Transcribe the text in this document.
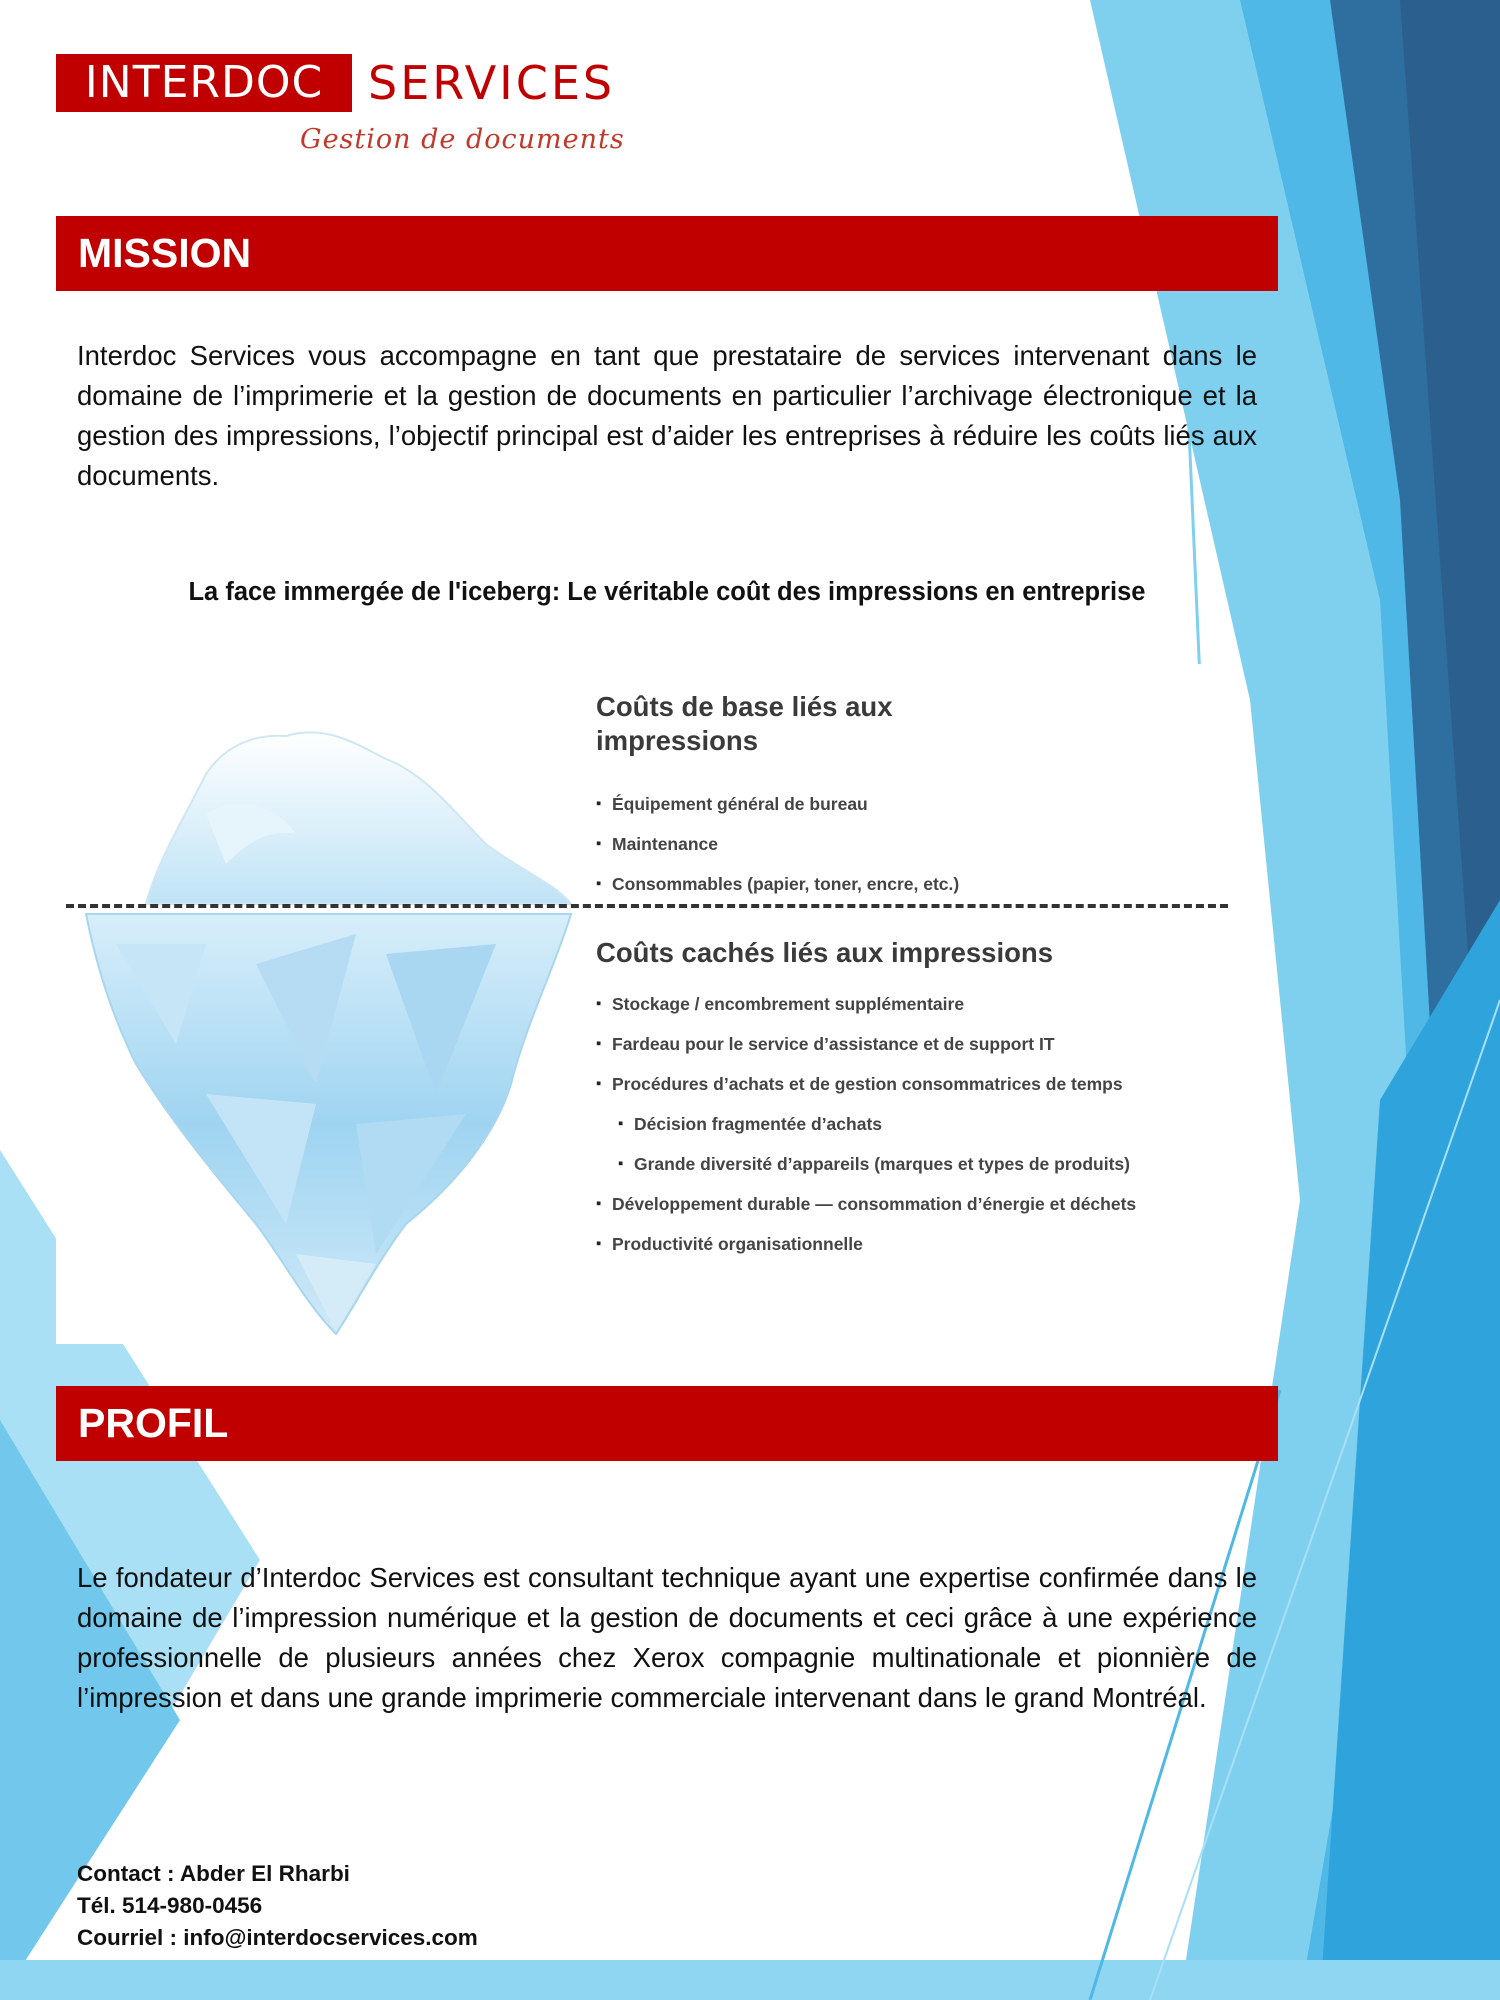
INTERDOC SERVICES
Gestion de documents
MISSION
Interdoc Services vous accompagne en tant que prestataire de services intervenant dans le domaine de l’imprimerie et la gestion de documents en particulier l’archivage électronique et la gestion des impressions, l’objectif principal est d’aider les entreprises à réduire les coûts liés aux documents.
La face immergée de l'iceberg: Le véritable coût des impressions en entreprise
Coûts de base liés aux impressions
▪ Équipement général de bureau
▪ Maintenance
▪ Consommables (papier, toner, encre, etc.)
Coûts cachés liés aux impressions
▪ Stockage / encombrement supplémentaire
▪ Fardeau pour le service d’assistance et de support IT
▪ Procédures d’achats et de gestion consommatrices de temps
▪ Décision fragmentée d’achats
▪ Grande diversité d’appareils (marques et types de produits)
▪ Développement durable — consommation d’énergie et déchets
▪ Productivité organisationnelle
PROFIL
Le fondateur d’Interdoc Services est consultant technique ayant une expertise confirmée dans le domaine de l’impression numérique et la gestion de documents et ceci grâce à une expérience professionnelle de plusieurs années chez Xerox compagnie multinationale et pionnière de l’impression et dans une grande imprimerie commerciale intervenant dans le grand Montréal.
Contact : Abder El Rharbi
Tél. 514-980-0456
Courriel : info@interdocservices.com
